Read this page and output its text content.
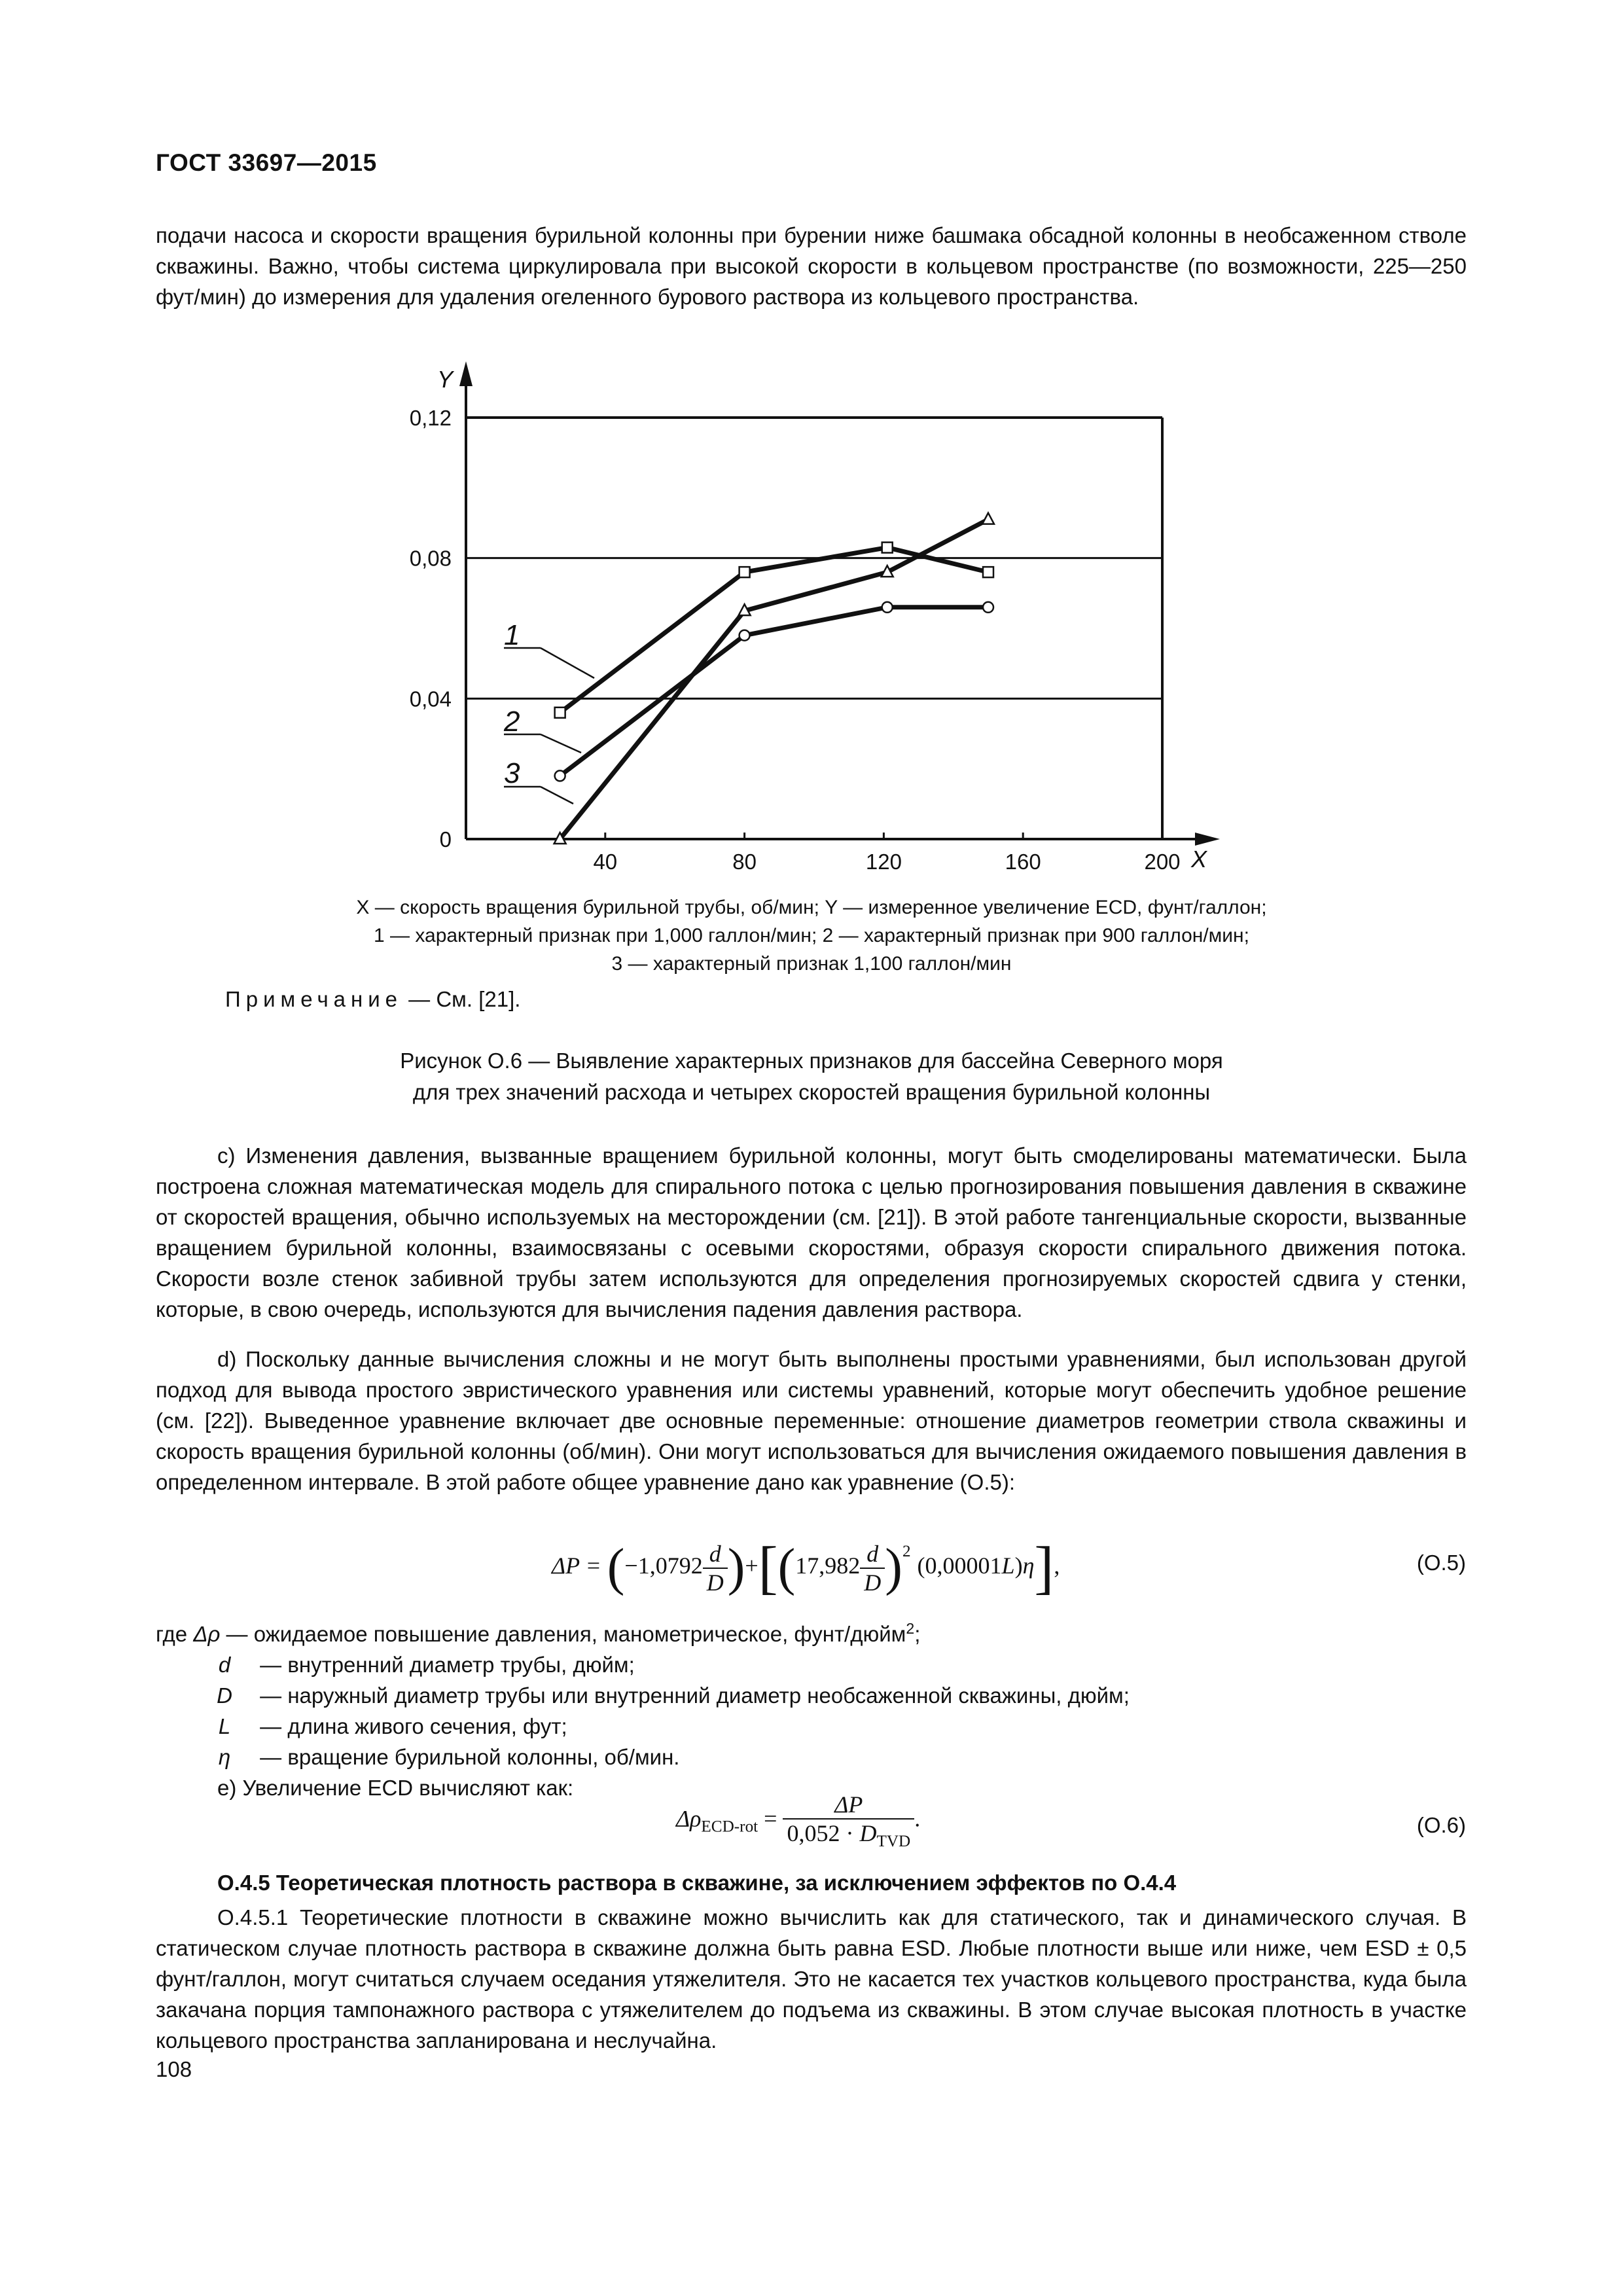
ГОСТ 33697—2015

подачи насоса и скорости вращения бурильной колонны при бурении ниже башмака обсадной колонны в необсаженном стволе скважины. Важно, чтобы система циркулировала при высокой скорости в кольцевом пространстве (по возможности, 225—250 фут/мин) до измерения для удаления огеленного бурового раствора из кольцевого пространства.

Y
X
0
0,04
0,08
0,12
40	80	120	160	200
1
2
3
X — скорость вращения бурильной трубы, об/мин; Y — измеренное увеличение ECD, фунт/галлон;
1 — характерный признак при 1,000 галлон/мин; 2 — характерный признак при 900 галлон/мин;
3 — характерный признак 1,100 галлон/мин
Примечание — См. [21].
Рисунок О.6 — Выявление характерных признаков для бассейна Северного моря
для трех значений расхода и четырех скоростей вращения бурильной колонны

c) Изменения давления, вызванные вращением бурильной колонны, могут быть смоделированы математически. Была построена сложная математическая модель для спирального потока с целью прогнозирования повышения давления в скважине от скоростей вращения, обычно используемых на месторождении (см. [21]). В этой работе тангенциальные скорости, вызванные вращением бурильной колонны, взаимосвязаны с осевыми скоростями, образуя скорости спирального движения потока. Скорости возле стенок забивной трубы затем используются для определения прогнозируемых скоростей сдвига у стенки, которые, в свою очередь, используются для вычисления падения давления раствора.

d) Поскольку данные вычисления сложны и не могут быть выполнены простыми уравнениями, был использован другой подход для вывода простого эвристического уравнения или системы уравнений, которые могут обеспечить удобное решение (см. [22]). Выведенное уравнение включает две основные переменные: отношение диаметров геометрии ствола скважины и скорость вращения бурильной колонны (об/мин). Они могут использоваться для вычисления ожидаемого повышения давления в определенном интервале. В этой работе общее уравнение дано как уравнение (О.5):

$\Delta P = (-1,0792 \frac{d}{D} )+[(17,982 \frac{d}{D} )^2(0,00001L)\eta]$,	(О.5)
где Δρ — ожидаемое повышение давления, манометрическое, фунт/дюйм$^2$;
d — внутренний диаметр трубы, дюйм;
D — наружный диаметр трубы или внутренний диаметр необсаженной скважины, дюйм;
L — длина живого сечения, фут;
η — вращение бурильной колонны, об/мин.
e) Увеличение ECD вычисляют как:
$\Delta\rho_{ECD-rot} = \frac{\Delta P}{0,052 \cdot D_{TVD}}$ .	(О.6)
О.4.5 Теоретическая плотность раствора в скважине, за исключением эффектов по О.4.4

О.4.5.1 Теоретические плотности в скважине можно вычислить как для статического, так и динамического случая. В статическом случае плотность раствора в скважине должна быть равна ESD. Любые плотности выше или ниже, чем ESD ± 0,5 фунт/галлон, могут считаться случаем оседания утяжелителя. Это не касается тех участков кольцевого пространства, куда была закачана порция тампонажного раствора с утяжелителем до подъема из скважины. В этом случае высокая плотность в участке кольцевого пространства запланирована и неслучайна.

108
